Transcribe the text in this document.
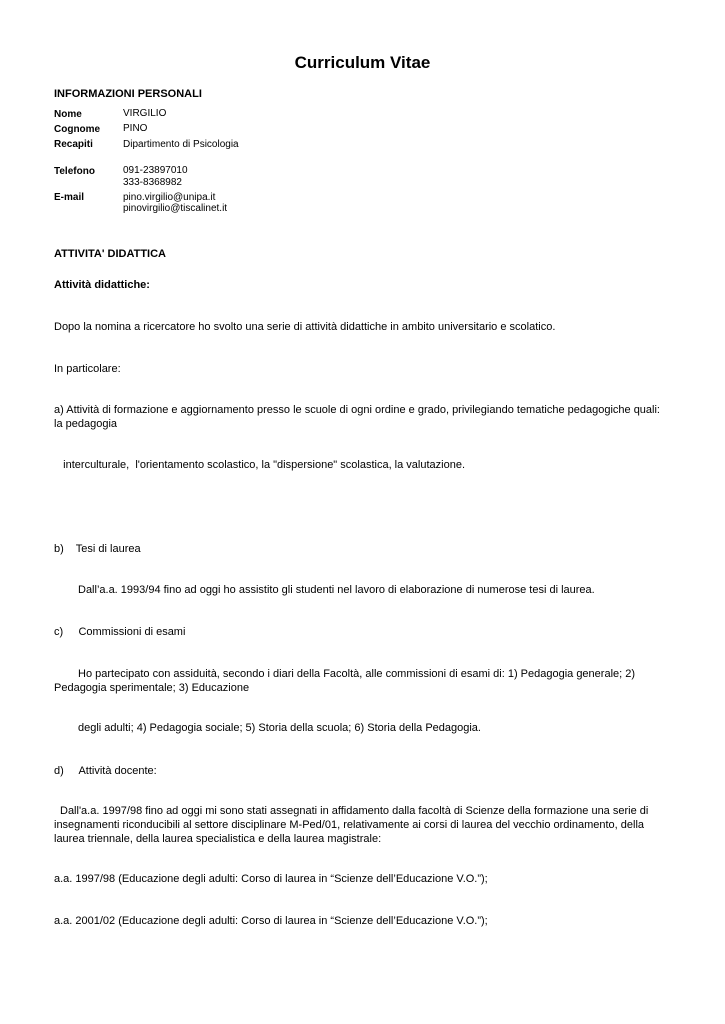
Curriculum Vitae
INFORMAZIONI PERSONALI
Nome	VIRGILIO
Cognome PINO
Recapiti	Dipartimento di Psicologia
Telefono	091-23897010
333-8368982
E-mail	pino.virgilio@unipa.it
pinovirgilio@tiscalinet.it
ATTIVITA' DIDATTICA
Attività didattiche:
Dopo la nomina a ricercatore ho svolto una serie di attività didattiche in ambito universitario e scolatico.
In particolare:
a) Attività di formazione e aggiornamento presso le scuole di ogni ordine e grado, privilegiando tematiche pedagogiche quali: la pedagogia
interculturale,  l'orientamento scolastico, la "dispersione" scolastica, la valutazione.
b)    Tesi di laurea
Dall’a.a. 1993/94 fino ad oggi ho assistito gli studenti nel lavoro di elaborazione di numerose tesi di laurea.
c)     Commissioni di esami
Ho partecipato con assiduità, secondo i diari della Facoltà, alle commissioni di esami di: 1) Pedagogia generale; 2) Pedagogia sperimentale; 3) Educazione
degli adulti; 4) Pedagogia sociale; 5) Storia della scuola; 6) Storia della Pedagogia.
d)     Attività docente:
Dall'a.a. 1997/98 fino ad oggi mi sono stati assegnati in affidamento dalla facoltà di Scienze della formazione una serie di insegnamenti riconducibili al settore disciplinare M-Ped/01, relativamente ai corsi di laurea del vecchio ordinamento, della laurea triennale, della laurea specialistica e della laurea magistrale:
a.a. 1997/98 (Educazione degli adulti: Corso di laurea in “Scienze dell’Educazione V.O.”);
a.a. 2001/02 (Educazione degli adulti: Corso di laurea in “Scienze dell’Educazione V.O.”);
